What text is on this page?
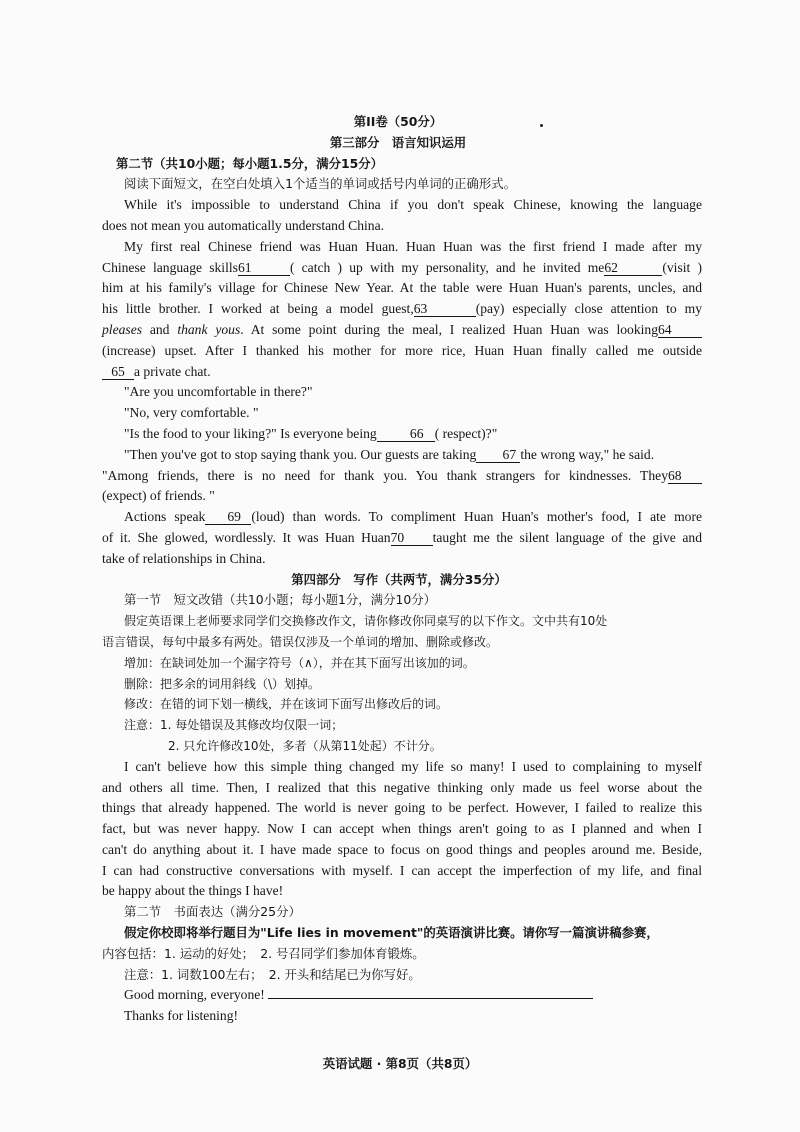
第II卷（50分）
第三部分　语言知识运用
第二节（共10小题；每小题1.5分，满分15分）
阅读下面短文，在空白处填入1个适当的单词或括号内单词的正确形式。
While it's impossible to understand China if you don't speak Chinese, knowing the language
does not mean you automatically understand China.
My first real Chinese friend was Huan Huan. Huan Huan was the first friend I made after my
Chinese language skills61	( catch ) up with my personality, and he invited me62	(visit )
him at his family's village for Chinese New Year. At the table were Huan Huan's parents, uncles, and
his little brother. I worked at being a model guest,63	(pay) especially close attention to my
pleases and thank yous. At some point during the meal, I realized Huan Huan was looking64
(increase) upset. After I thanked his mother for more rice, Huan Huan finally called me outside
65 a private chat.
"Are you uncomfortable in there?"
"No, very comfortable. "
"Is the food to your liking?" Is everyone being 66 ( respect)?"
"Then you've got to stop saying thank you. Our guests are taking 67 the wrong way," he said.
"Among friends, there is no need for thank you. You thank strangers for kindnesses. They68
(expect) of friends. "
Actions speak 69 (loud) than words. To compliment Huan Huan's mother's food, I ate more
of it. She glowed, wordlessly. It was Huan Huan70 taught me the silent language of the give and
take of relationships in China.
第四部分　写作（共两节，满分35分）
第一节　短文改错（共10小题；每小题1分，满分10分）
假定英语课上老师要求同学们交换修改作文，请你修改你同桌写的以下作文。文中共有10处
语言错误，每句中最多有两处。错误仅涉及一个单词的增加、删除或修改。
增加：在缺词处加一个漏字符号（∧），并在其下面写出该加的词。
删除：把多余的词用斜线（\）划掉。
修改：在错的词下划一横线，并在该词下面写出修改后的词。
注意：1. 每处错误及其修改均仅限一词；
2. 只允许修改10处，多者（从第11处起）不计分。
I can't believe how this simple thing changed my life so many! I used to complaining to myself
and others all time. Then, I realized that this negative thinking only made us feel worse about the
things that already happened. The world is never going to be perfect. However, I failed to realize this
fact, but was never happy. Now I can accept when things aren't going to as I planned and when I
can't do anything about it. I have made space to focus on good things and peoples around me. Beside,
I can had constructive conversations with myself. I can accept the imperfection of my life, and final
be happy about the things I have!
第二节　书面表达（满分25分）
假定你校即将举行题目为"Life lies in movement"的英语演讲比赛。请你写一篇演讲稿参赛，
内容包括：1. 运动的好处；　2. 号召同学们参加体育锻炼。
注意：1. 词数100左右；　2. 开头和结尾已为你写好。
Good morning, everyone!
Thanks for listening!
英语试题 · 第8页（共8页）
